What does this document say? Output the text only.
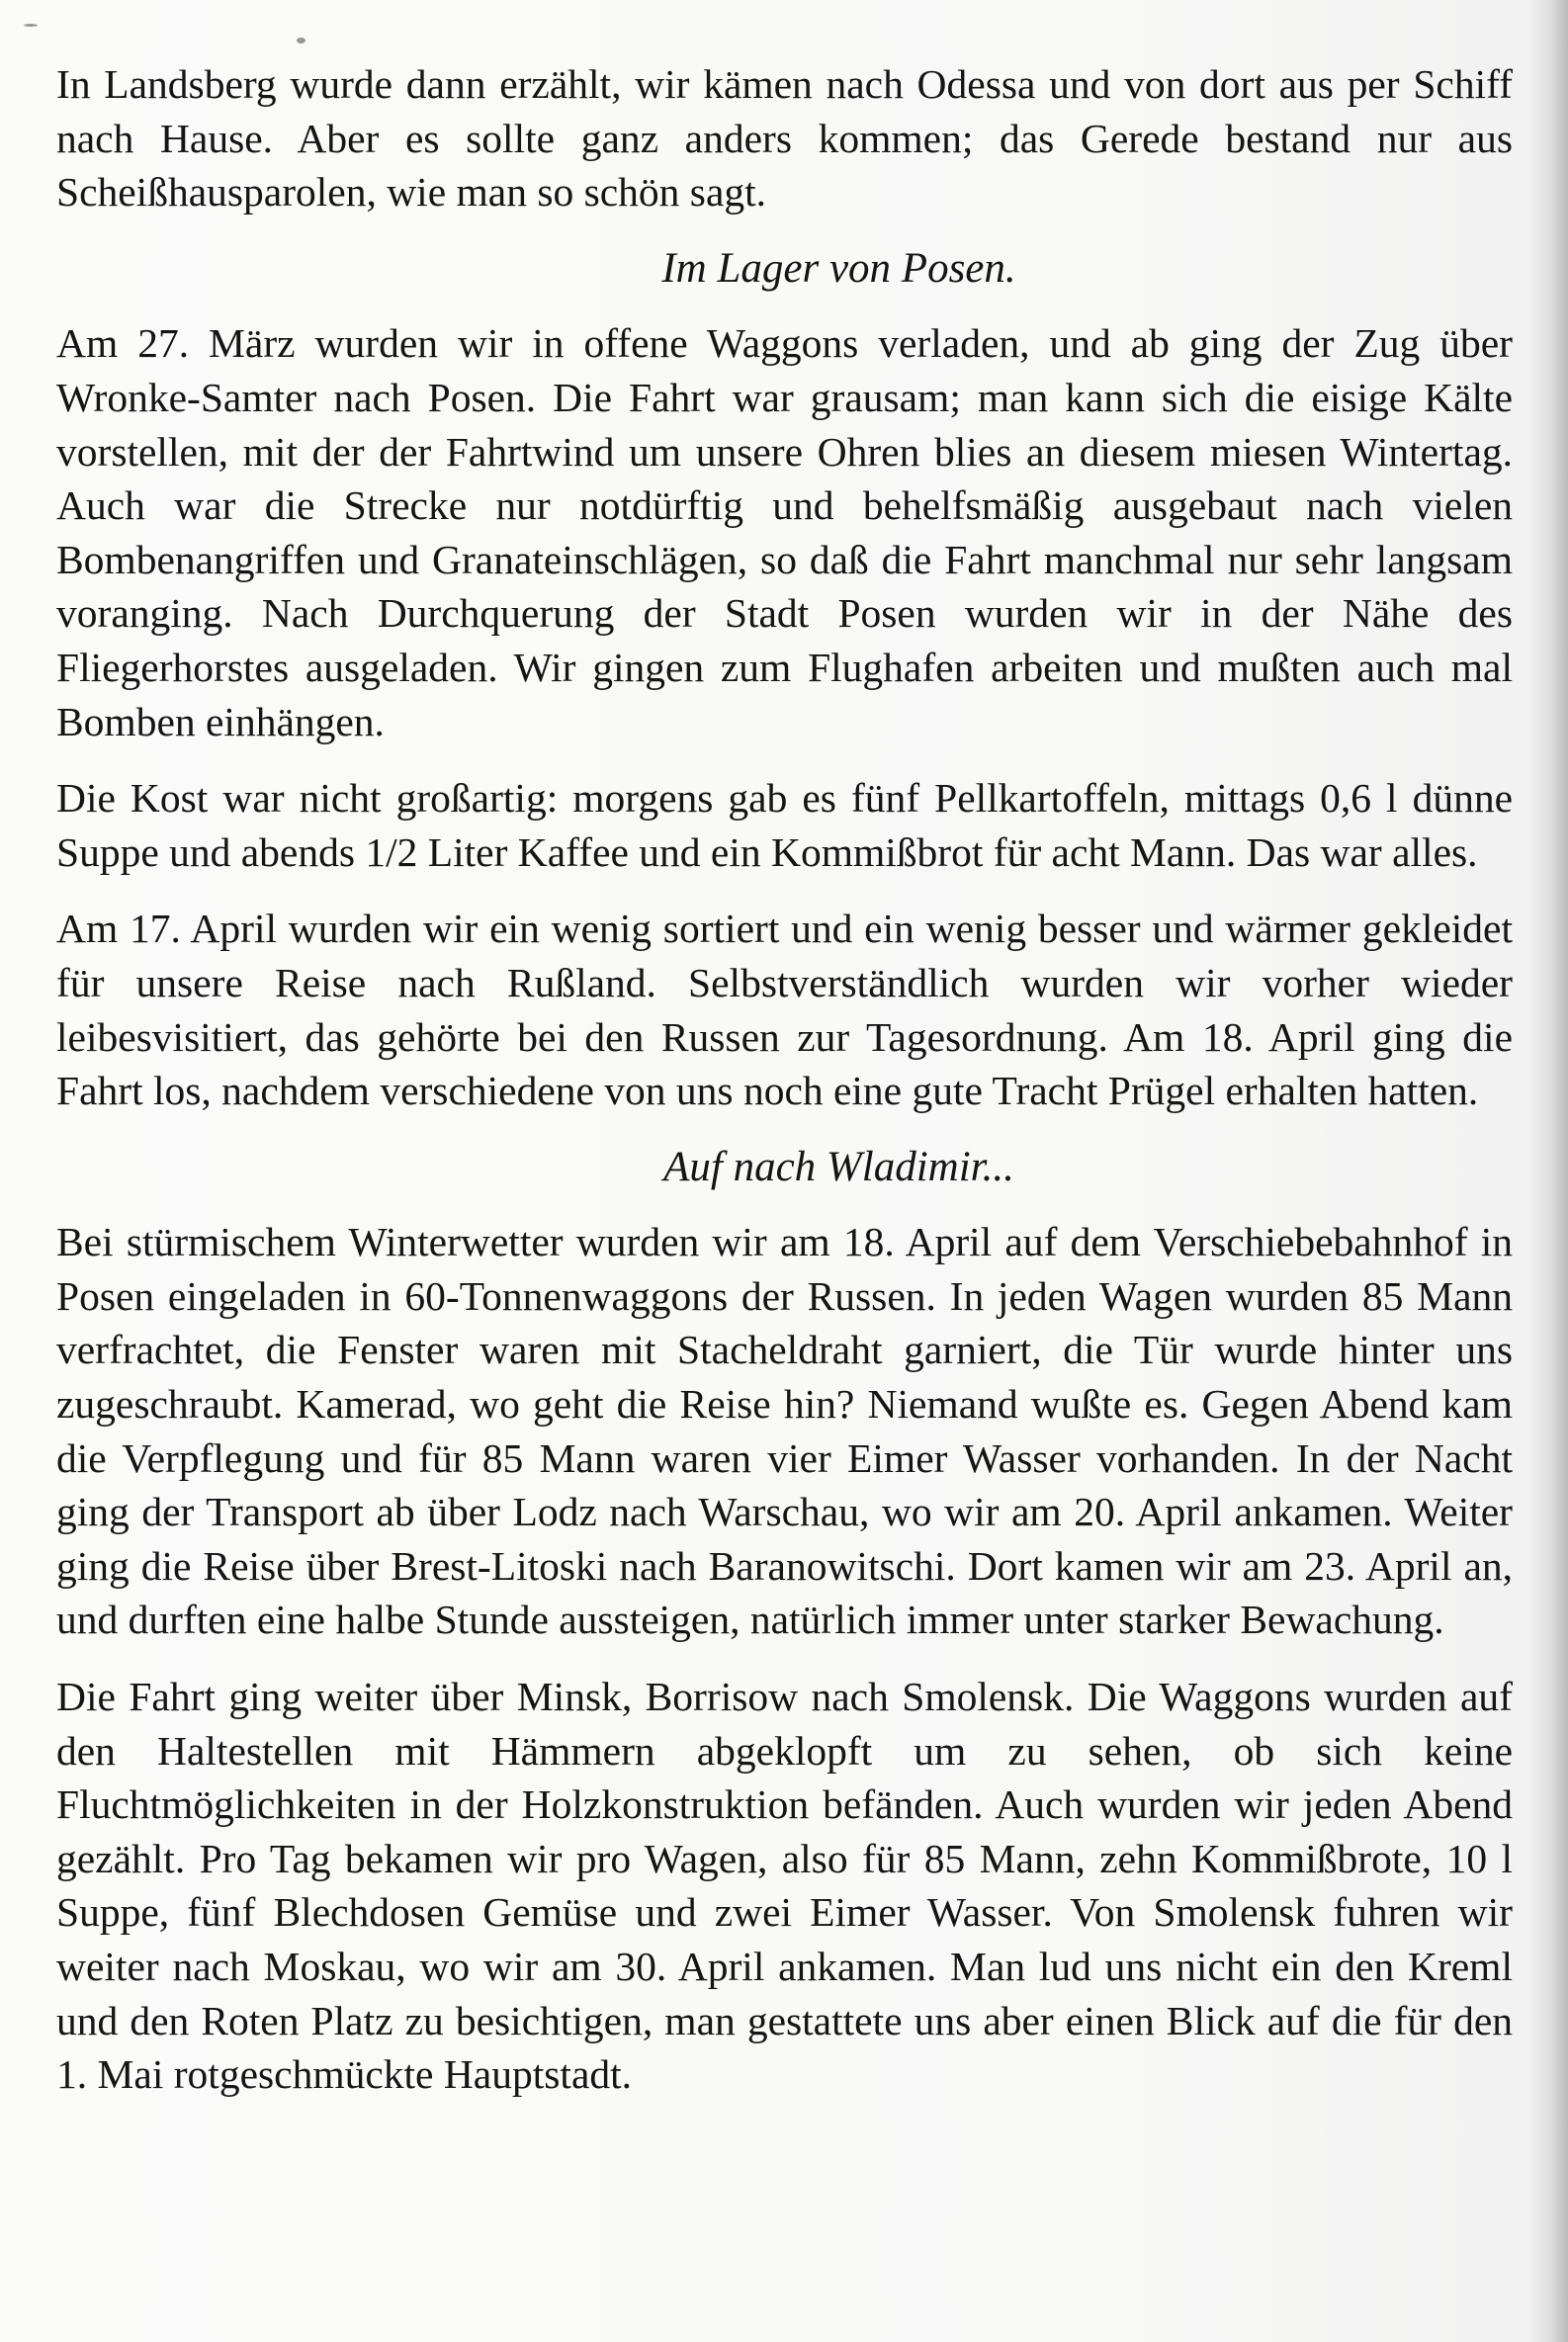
In Landsberg wurde dann erzählt, wir kämen nach Odessa und von dort aus per Schiff nach Hause. Aber es sollte ganz anders kommen; das Gerede bestand nur aus Scheißhausparolen, wie man so schön sagt.

Im Lager von Posen.

Am 27. März wurden wir in offene Waggons verladen, und ab ging der Zug über Wronke-Samter nach Posen. Die Fahrt war grausam; man kann sich die eisige Kälte vorstellen, mit der der Fahrtwind um unsere Ohren blies an diesem miesen Wintertag. Auch war die Strecke nur notdürftig und behelfsmäßig ausgebaut nach vielen Bombenangriffen und Granateinschlägen, so daß die Fahrt manchmal nur sehr langsam voranging. Nach Durchquerung der Stadt Posen wurden wir in der Nähe des Fliegerhorstes ausgeladen. Wir gingen zum Flughafen arbeiten und mußten auch mal Bomben einhängen.

Die Kost war nicht großartig: morgens gab es fünf Pellkartoffeln, mittags 0,6 l dünne Suppe und abends 1/2 Liter Kaffee und ein Kommißbrot für acht Mann. Das war alles.

Am 17. April wurden wir ein wenig sortiert und ein wenig besser und wärmer gekleidet für unsere Reise nach Rußland. Selbstverständlich wurden wir vorher wieder leibesvisitiert, das gehörte bei den Russen zur Tagesordnung. Am 18. April ging die Fahrt los, nachdem verschiedene von uns noch eine gute Tracht Prügel erhalten hatten.

Auf nach Wladimir...

Bei stürmischem Winterwetter wurden wir am 18. April auf dem Verschiebebahnhof in Posen eingeladen in 60-Tonnenwaggons der Russen. In jeden Wagen wurden 85 Mann verfrachtet, die Fenster waren mit Stacheldraht garniert, die Tür wurde hinter uns zugeschraubt. Kamerad, wo geht die Reise hin? Niemand wußte es. Gegen Abend kam die Verpflegung und für 85 Mann waren vier Eimer Wasser vorhanden. In der Nacht ging der Transport ab über Lodz nach Warschau, wo wir am 20. April ankamen. Weiter ging die Reise über Brest-Litoski nach Baranowitschi. Dort kamen wir am 23. April an, und durften eine halbe Stunde aussteigen, natürlich immer unter starker Bewachung.

Die Fahrt ging weiter über Minsk, Borrisow nach Smolensk. Die Waggons wurden auf den Haltestellen mit Hämmern abgeklopft um zu sehen, ob sich keine Fluchtmöglichkeiten in der Holzkonstruktion befänden. Auch wurden wir jeden Abend gezählt. Pro Tag bekamen wir pro Wagen, also für 85 Mann, zehn Kommißbrote, 10 l Suppe, fünf Blechdosen Gemüse und zwei Eimer Wasser. Von Smolensk fuhren wir weiter nach Moskau, wo wir am 30. April ankamen. Man lud uns nicht ein den Kreml und den Roten Platz zu besichtigen, man gestattete uns aber einen Blick auf die für den 1. Mai rotgeschmückte Hauptstadt.
